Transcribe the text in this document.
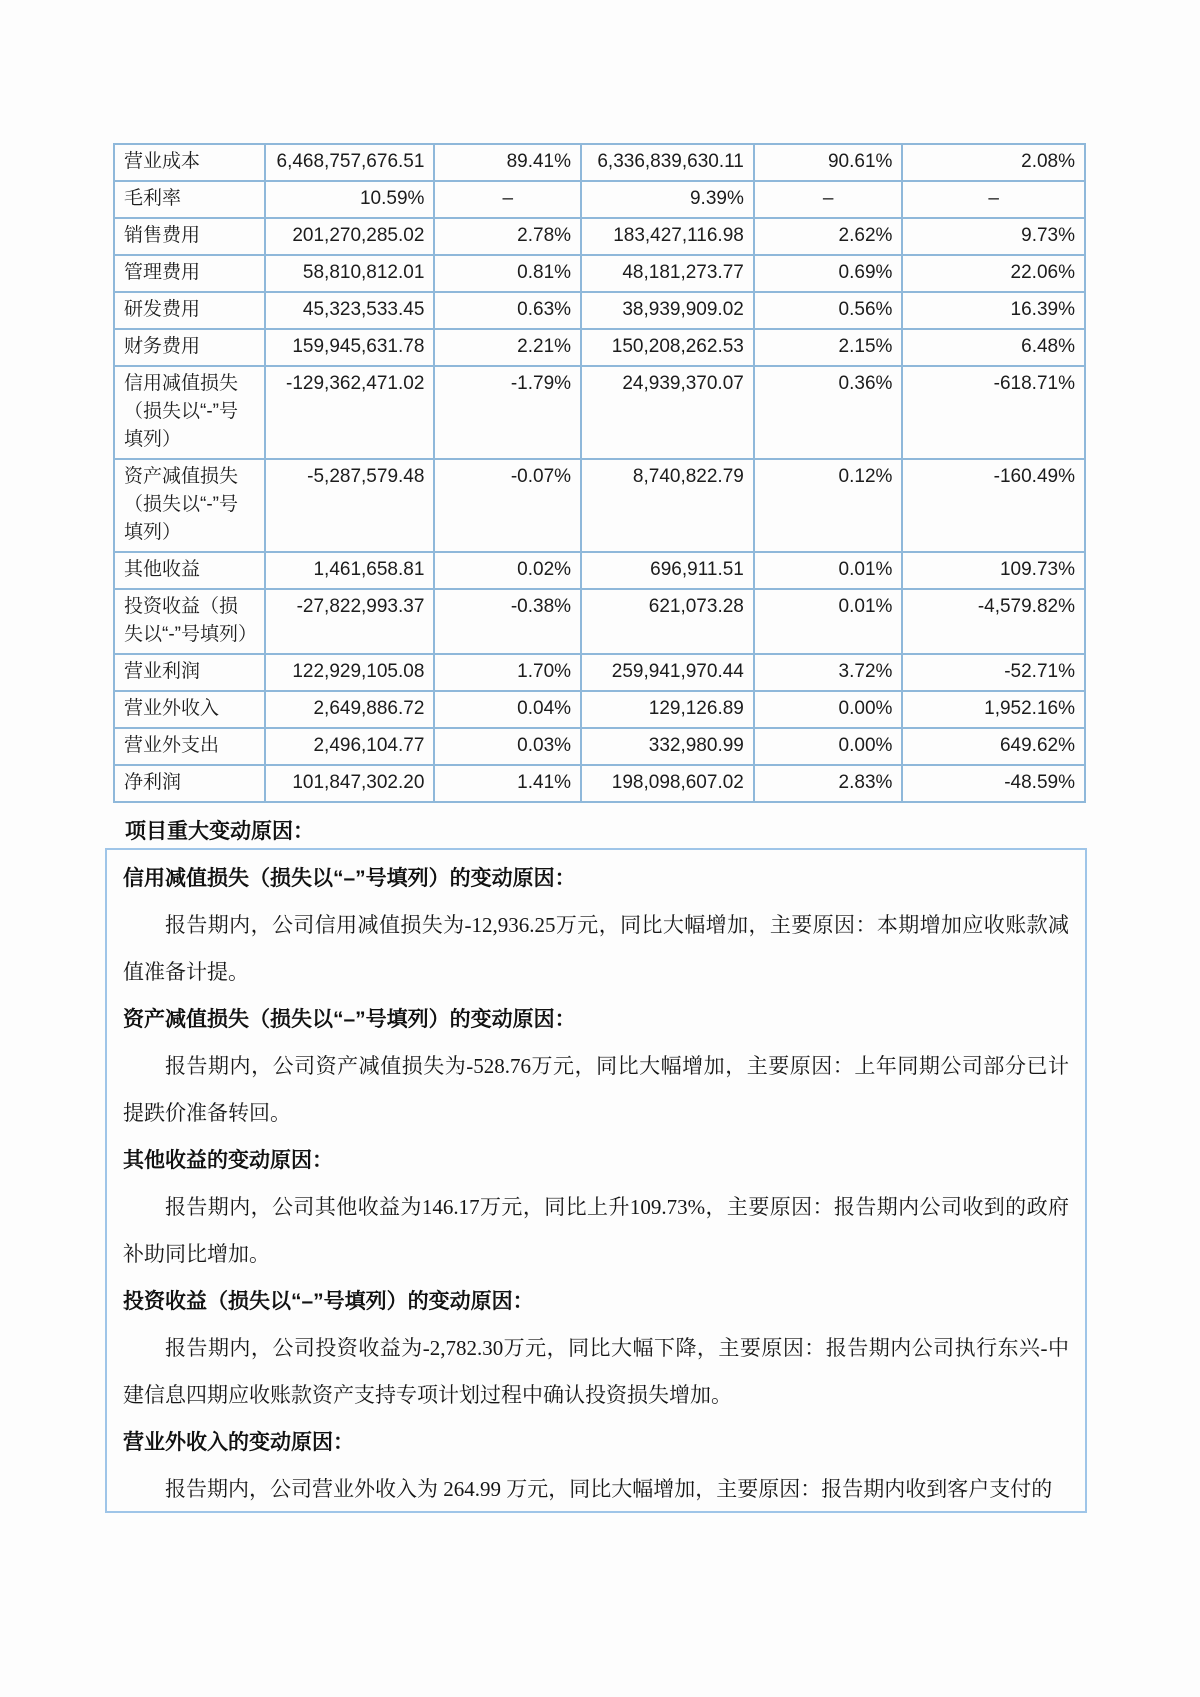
营业成本	6,468,757,676.51	89.41%	6,336,839,630.11	90.61%	2.08%
毛利率	10.59%	–	9.39%	–	–
销售费用	201,270,285.02	2.78%	183,427,116.98	2.62%	9.73%
管理费用	58,810,812.01	0.81%	48,181,273.77	0.69%	22.06%
研发费用	45,323,533.45	0.63%	38,939,909.02	0.56%	16.39%
财务费用	159,945,631.78	2.21%	150,208,262.53	2.15%	6.48%
信用减值损失（损失以“-”号填列）	-129,362,471.02	-1.79%	24,939,370.07	0.36%	-618.71%
资产减值损失（损失以“-”号填列）	-5,287,579.48	-0.07%	8,740,822.79	0.12%	-160.49%
其他收益	1,461,658.81	0.02%	696,911.51	0.01%	109.73%
投资收益（损失以“-”号填列）	-27,822,993.37	-0.38%	621,073.28	0.01%	-4,579.82%
营业利润	122,929,105.08	1.70%	259,941,970.44	3.72%	-52.71%
营业外收入	2,649,886.72	0.04%	129,126.89	0.00%	1,952.16%
营业外支出	2,496,104.77	0.03%	332,980.99	0.00%	649.62%
净利润	101,847,302.20	1.41%	198,098,607.02	2.83%	-48.59%
项目重大变动原因：
信用减值损失（损失以“–”号填列）的变动原因：
报告期内，公司信用减值损失为-12,936.25万元，同比大幅增加，主要原因：本期增加应收账款减值准备计提。
资产减值损失（损失以“–”号填列）的变动原因：
报告期内，公司资产减值损失为-528.76万元，同比大幅增加，主要原因：上年同期公司部分已计提跌价准备转回。
其他收益的变动原因：
报告期内，公司其他收益为146.17万元，同比上升109.73%，主要原因：报告期内公司收到的政府补助同比增加。
投资收益（损失以“–”号填列）的变动原因：
报告期内，公司投资收益为-2,782.30万元，同比大幅下降，主要原因：报告期内公司执行东兴-中建信息四期应收账款资产支持专项计划过程中确认投资损失增加。
营业外收入的变动原因：
报告期内，公司营业外收入为 264.99 万元，同比大幅增加，主要原因：报告期内收到客户支付的
